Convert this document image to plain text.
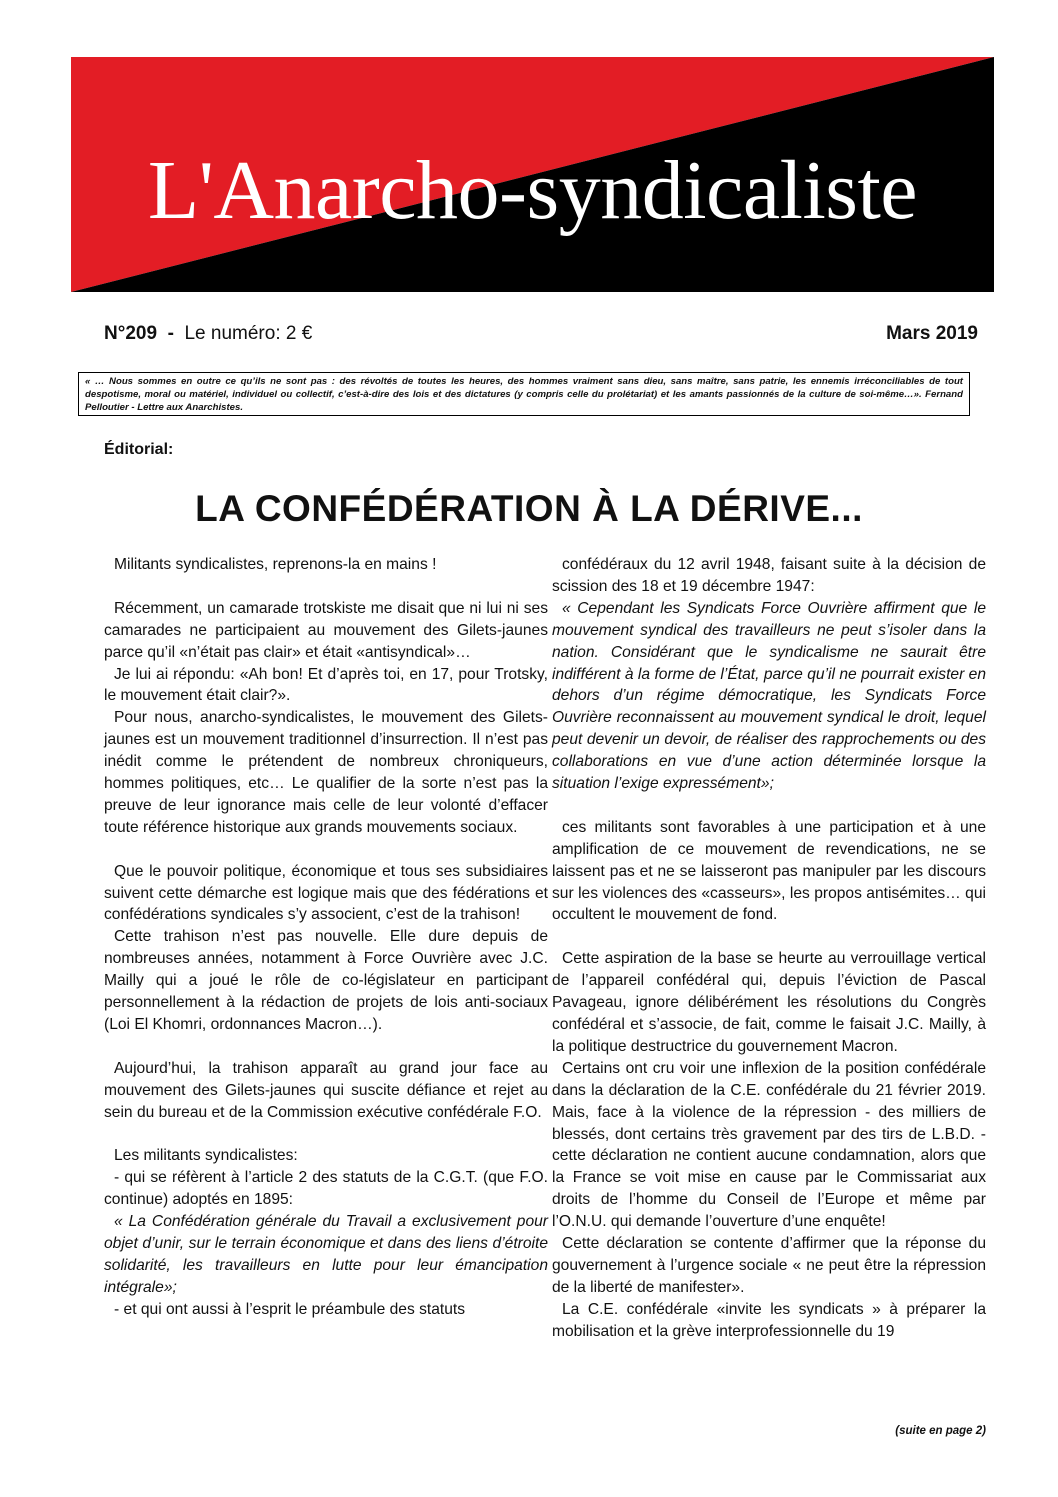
L'Anarcho-syndicaliste
N°209 - Le numéro: 2 €	Mars 2019
« … Nous sommes en outre ce qu’ils ne sont pas : des révoltés de toutes les heures, des hommes vraiment sans dieu, sans maître, sans patrie, les ennemis irréconciliables de tout despotisme, moral ou matériel, individuel ou collectif, c’est-à-dire des lois et des dictatures (y compris celle du prolétariat) et les amants passionnés de la culture de soi-même…». Fernand Pelloutier - Lettre aux Anarchistes.
Éditorial:
LA CONFÉDÉRATION À LA DÉRIVE...

Militants syndicalistes, reprenons-la en mains !

Récemment, un camarade trotskiste me disait que ni lui ni ses camarades ne participaient au mouvement des Gilets-jaunes parce qu’il «n’était pas clair» et était «antisyndical»…

Je lui ai répondu: «Ah bon! Et d’après toi, en 17, pour Trotsky, le mouvement était clair?».

Pour nous, anarcho-syndicalistes, le mouvement des Gilets-jaunes est un mouvement traditionnel d’insurrection. Il n’est pas inédit comme le prétendent de nombreux chroniqueurs, hommes politiques, etc… Le qualifier de la sorte n’est pas la preuve de leur ignorance mais celle de leur volonté d’effacer toute référence historique aux grands mouvements sociaux.

Que le pouvoir politique, économique et tous ses subsidiaires suivent cette démarche est logique mais que des fédérations et confédérations syndicales s’y associent, c’est de la trahison!

Cette trahison n’est pas nouvelle. Elle dure depuis de nombreuses années, notamment à Force Ouvrière avec J.C. Mailly qui a joué le rôle de co-législateur en participant personnellement à la rédaction de projets de lois anti-sociaux (Loi El Khomri, ordonnances Macron…).

Aujourd’hui, la trahison apparaît au grand jour face au mouvement des Gilets-jaunes qui suscite défiance et rejet au sein du bureau et de la Commission exécutive confédérale F.O.

Les militants syndicalistes:

- qui se réfèrent à l’article 2 des statuts de la C.G.T. (que F.O. continue) adoptés en 1895:

« La Confédération générale du Travail a exclusivement pour objet d’unir, sur le terrain économique et dans des liens d’étroite solidarité, les travailleurs en lutte pour leur émancipation intégrale»;

- et qui ont aussi à l’esprit le préambule des statuts

confédéraux du 12 avril 1948, faisant suite à la décision de scission des 18 et 19 décembre 1947:

« Cependant les Syndicats Force Ouvrière affirment que le mouvement syndical des travailleurs ne peut s’isoler dans la nation. Considérant que le syndicalisme ne saurait être indifférent à la forme de l’État, parce qu’il ne pourrait exister en dehors d’un régime démocratique, les Syndicats Force Ouvrière reconnaissent au mouvement syndical le droit, lequel peut devenir un devoir, de réaliser des rapprochements ou des collaborations en vue d’une action déterminée lorsque la situation l’exige expressément»;

ces militants sont favorables à une participation et à une amplification de ce mouvement de revendications, ne se laissent pas et ne se laisseront pas manipuler par les discours sur les violences des «casseurs», les propos antisémites… qui occultent le mouvement de fond.

Cette aspiration de la base se heurte au verrouillage vertical de l’appareil confédéral qui, depuis l’éviction de Pascal Pavageau, ignore délibérément les résolutions du Congrès confédéral et s’associe, de fait, comme le faisait J.C. Mailly, à la politique destructrice du gouvernement Macron.

Certains ont cru voir une inflexion de la position confédérale dans la déclaration de la C.E. confédérale du 21 février 2019. Mais, face à la violence de la répression - des milliers de blessés, dont certains très gravement par des tirs de L.B.D. - cette déclaration ne contient aucune condamnation, alors que la France se voit mise en cause par le Commissariat aux droits de l’homme du Conseil de l’Europe et même par l’O.N.U. qui demande l’ouverture d’une enquête!

Cette déclaration se contente d’affirmer que la réponse du gouvernement à l’urgence sociale « ne peut être la répression de la liberté de manifester».

La C.E. confédérale «invite les syndicats » à préparer la mobilisation et la grève interprofessionnelle du 19

(suite en page 2)
